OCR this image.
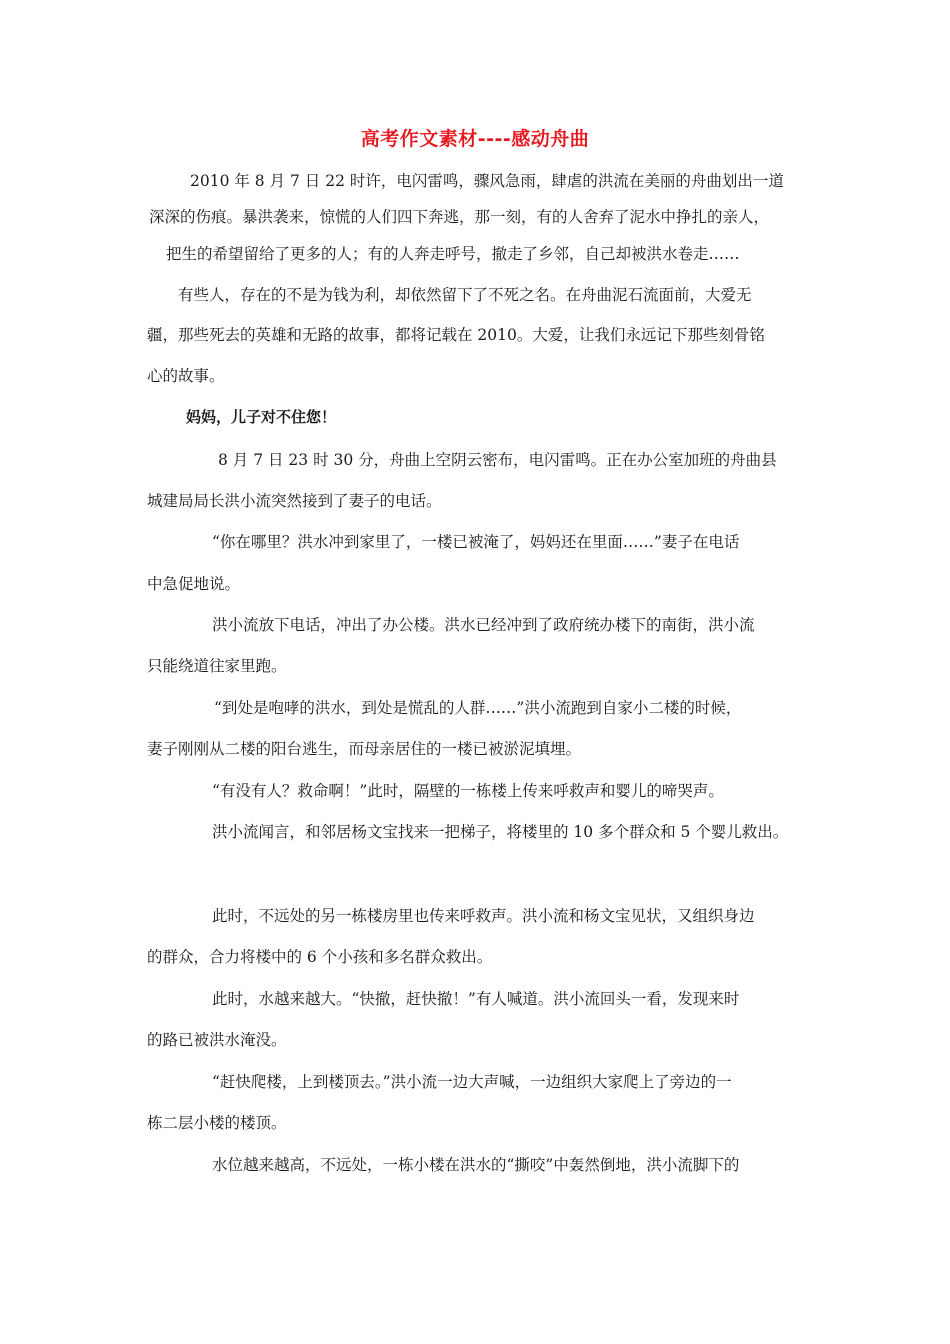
高考作文素材----感动舟曲
2010 年 8 月 7 日 22 时许，电闪雷鸣，骤风急雨，肆虐的洪流在美丽的舟曲划出一道
深深的伤痕。暴洪袭来，惊慌的人们四下奔逃，那一刻，有的人舍弃了泥水中挣扎的亲人，
把生的希望留给了更多的人；有的人奔走呼号，撤走了乡邻，自己却被洪水卷走……
有些人，存在的不是为钱为利，却依然留下了不死之名。在舟曲泥石流面前，大爱无
疆，那些死去的英雄和无路的故事，都将记载在 2010。大爱，让我们永远记下那些刻骨铭
心的故事。
妈妈，儿子对不住您！
8 月 7 日 23 时 30 分，舟曲上空阴云密布，电闪雷鸣。正在办公室加班的舟曲县
城建局局长洪小流突然接到了妻子的电话。
“你在哪里？洪水冲到家里了，一楼已被淹了，妈妈还在里面……”妻子在电话
中急促地说。
洪小流放下电话，冲出了办公楼。洪水已经冲到了政府统办楼下的南街，洪小流
只能绕道往家里跑。
“到处是咆哮的洪水，到处是慌乱的人群……”洪小流跑到自家小二楼的时候，
妻子刚刚从二楼的阳台逃生，而母亲居住的一楼已被淤泥填埋。
“有没有人？救命啊！”此时，隔壁的一栋楼上传来呼救声和婴儿的啼哭声。
洪小流闻言，和邻居杨文宝找来一把梯子，将楼里的 10 多个群众和 5 个婴儿救出。
此时，不远处的另一栋楼房里也传来呼救声。洪小流和杨文宝见状，又组织身边
的群众，合力将楼中的 6 个小孩和多名群众救出。
此时，水越来越大。“快撤，赶快撤！”有人喊道。洪小流回头一看，发现来时
的路已被洪水淹没。
“赶快爬楼，上到楼顶去。”洪小流一边大声喊，一边组织大家爬上了旁边的一
栋二层小楼的楼顶。
水位越来越高，不远处，一栋小楼在洪水的“撕咬”中轰然倒地，洪小流脚下的
